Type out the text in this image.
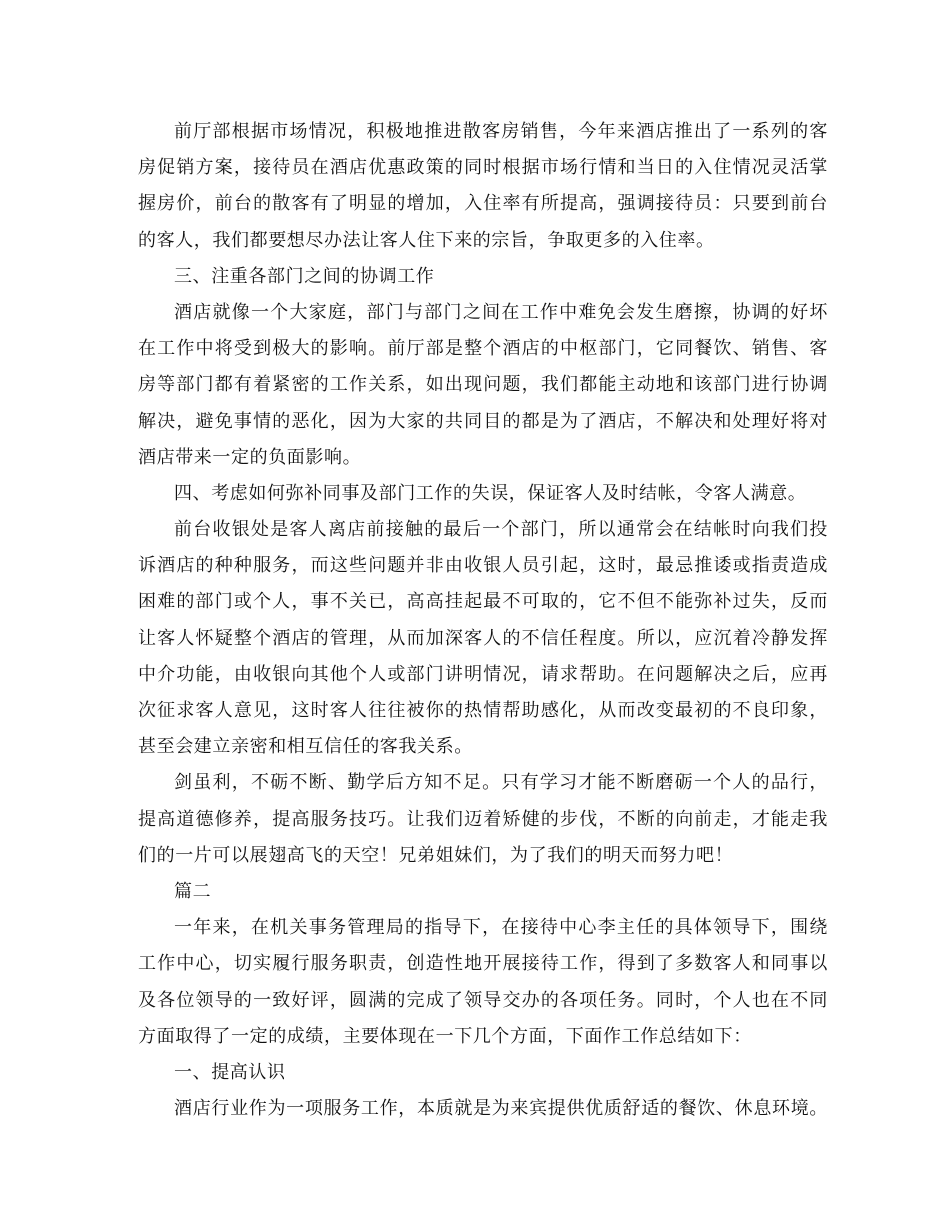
前厅部根据市场情况，积极地推进散客房销售，今年来酒店推出了一系列的客
房促销方案，接待员在酒店优惠政策的同时根据市场行情和当日的入住情况灵活掌
握房价，前台的散客有了明显的增加，入住率有所提高，强调接待员：只要到前台
的客人，我们都要想尽办法让客人住下来的宗旨，争取更多的入住率。
三、注重各部门之间的协调工作
酒店就像一个大家庭，部门与部门之间在工作中难免会发生磨擦，协调的好坏
在工作中将受到极大的影响。前厅部是整个酒店的中枢部门，它同餐饮、销售、客
房等部门都有着紧密的工作关系，如出现问题，我们都能主动地和该部门进行协调
解决，避免事情的恶化，因为大家的共同目的都是为了酒店，不解决和处理好将对
酒店带来一定的负面影响。
四、考虑如何弥补同事及部门工作的失误，保证客人及时结帐，令客人满意。
前台收银处是客人离店前接触的最后一个部门，所以通常会在结帐时向我们投
诉酒店的种种服务，而这些问题并非由收银人员引起，这时，最忌推诿或指责造成
困难的部门或个人，事不关已，高高挂起最不可取的，它不但不能弥补过失，反而
让客人怀疑整个酒店的管理，从而加深客人的不信任程度。所以，应沉着冷静发挥
中介功能，由收银向其他个人或部门讲明情况，请求帮助。在问题解决之后，应再
次征求客人意见，这时客人往往被你的热情帮助感化，从而改变最初的不良印象，
甚至会建立亲密和相互信任的客我关系。
剑虽利，不砺不断、勤学后方知不足。只有学习才能不断磨砺一个人的品行，
提高道德修养，提高服务技巧。让我们迈着矫健的步伐，不断的向前走，才能走我
们的一片可以展翅高飞的天空！兄弟姐妹们，为了我们的明天而努力吧！
篇二
一年来，在机关事务管理局的指导下，在接待中心李主任的具体领导下，围绕
工作中心，切实履行服务职责，创造性地开展接待工作，得到了多数客人和同事以
及各位领导的一致好评，圆满的完成了领导交办的各项任务。同时，个人也在不同
方面取得了一定的成绩，主要体现在一下几个方面，下面作工作总结如下：
一、提高认识
酒店行业作为一项服务工作，本质就是为来宾提供优质舒适的餐饮、休息环境。
